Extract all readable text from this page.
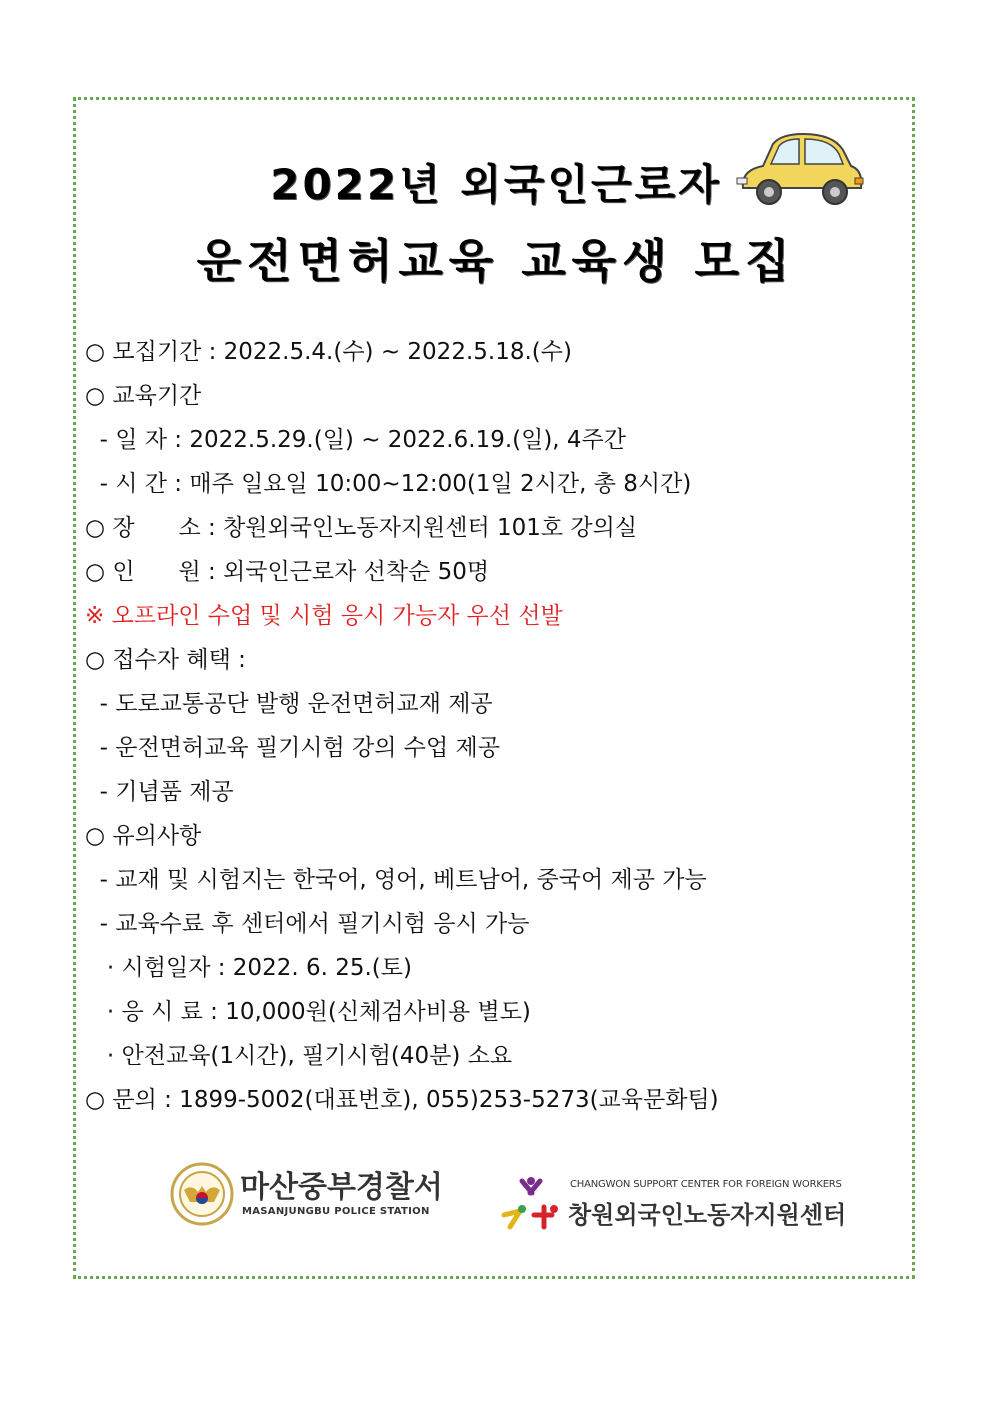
2022년 외국인근로자
운전면허교육 교육생 모집
○ 모집기간 : 2022.5.4.(수) ~ 2022.5.18.(수)
○ 교육기간
- 일 자 : 2022.5.29.(일) ~ 2022.6.19.(일), 4주간
- 시 간 : 매주 일요일 10:00~12:00(1일 2시간, 총 8시간)
○ 장      소 : 창원외국인노동자지원센터 101호 강의실
○ 인      원 : 외국인근로자 선착순 50명
※ 오프라인 수업 및 시험 응시 가능자 우선 선발
○ 접수자 혜택 :
- 도로교통공단 발행 운전면허교재 제공
- 운전면허교육 필기시험 강의 수업 제공
- 기념품 제공
○ 유의사항
- 교재 및 시험지는 한국어, 영어, 베트남어, 중국어 제공 가능
- 교육수료 후 센터에서 필기시험 응시 가능
· 시험일자 : 2022. 6. 25.(토)
· 응 시 료 : 10,000원(신체검사비용 별도)
· 안전교육(1시간), 필기시험(40분) 소요
○ 문의 : 1899-5002(대표번호), 055)253-5273(교육문화팀)
마산중부경찰서
MASANJUNGBU POLICE STATION
CHANGWON SUPPORT CENTER FOR FOREIGN WORKERS
창원외국인노동자지원센터
